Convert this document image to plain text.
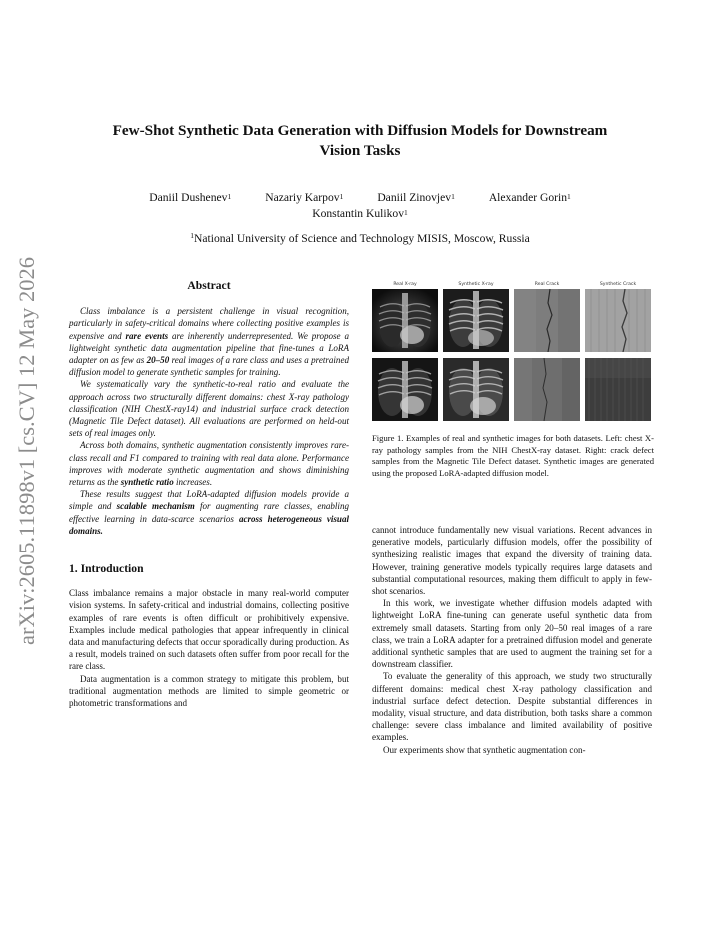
arXiv:2605.11898v1 [cs.CV] 12 May 2026
Few-Shot Synthetic Data Generation with Diffusion Models for Downstream
Vision Tasks
Daniil Dushenev$^1$	Nazariy Karpov$^1$	Daniil Zinovjev$^1$	Alexander Gorin$^1$
Konstantin Kulikov$^1$
$^1$National University of Science and Technology MISIS, Moscow, Russia
Abstract

Class imbalance is a persistent challenge in visual recognition, particularly in safety-critical domains where collecting positive examples is expensive and rare events are inherently underrepresented. We propose a lightweight synthetic data augmentation pipeline that fine-tunes a LoRA adapter on as few as 20–50 real images of a rare class and uses a pretrained diffusion model to generate synthetic samples for training.

We systematically vary the synthetic-to-real ratio and evaluate the approach across two structurally different domains: chest X-ray pathology classification (NIH ChestX-ray14) and industrial surface crack detection (Magnetic Tile Defect dataset). All evaluations are performed on held-out sets of real images only.

Across both domains, synthetic augmentation consistently improves rare-class recall and F1 compared to training with real data alone. Performance improves with moderate synthetic augmentation and shows diminishing returns as the synthetic ratio increases.

These results suggest that LoRA-adapted diffusion models provide a simple and scalable mechanism for augmenting rare classes, enabling effective learning in data-scarce scenarios across heterogeneous visual domains.

1. Introduction

Class imbalance remains a major obstacle in many real-world computer vision systems. In safety-critical and industrial domains, collecting positive examples of rare events is often difficult or prohibitively expensive. Examples include medical pathologies that appear infrequently in clinical data and manufacturing defects that occur sporadically during production. As a result, models trained on such datasets often suffer from poor recall for the rare class.

Data augmentation is a common strategy to mitigate this problem, but traditional augmentation methods are limited to simple geometric or photometric transformations and

Real X-ray	Synthetic X-ray	Real Crack	Synthetic Crack
Figure 1. Examples of real and synthetic images for both datasets. Left: chest X-ray pathology samples from the NIH ChestX-ray dataset. Right: crack defect samples from the Magnetic Tile Defect dataset. Synthetic images are generated using the proposed LoRA-adapted diffusion model.

cannot introduce fundamentally new visual variations. Recent advances in generative models, particularly diffusion models, offer the possibility of synthesizing realistic images that expand the diversity of training data. However, training generative models typically requires large datasets and substantial computational resources, making them difficult to apply in few-shot scenarios.

In this work, we investigate whether diffusion models adapted with lightweight LoRA fine-tuning can generate useful synthetic data from extremely small datasets. Starting from only 20–50 real images of a rare class, we train a LoRA adapter for a pretrained diffusion model and generate additional synthetic samples that are used to augment the training set for a downstream classifier.

To evaluate the generality of this approach, we study two structurally different domains: medical chest X-ray pathology classification and industrial surface defect detection. Despite substantial differences in modality, visual structure, and data distribution, both tasks share a common challenge: severe class imbalance and limited availability of positive examples.

Our experiments show that synthetic augmentation con-
